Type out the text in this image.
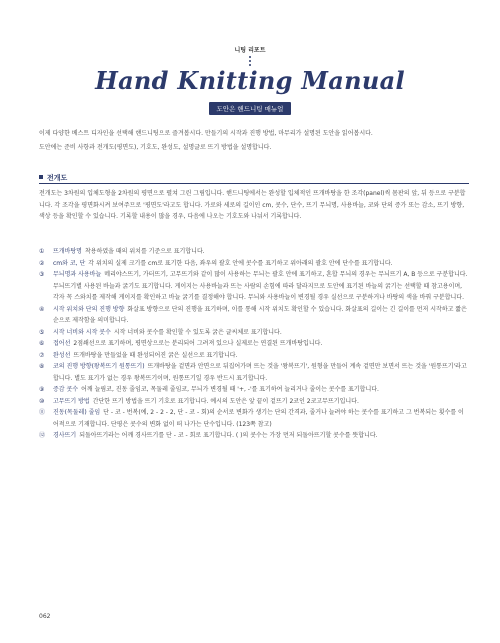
니팅 리포트
Hand Knitting Manual
도안은 핸드니팅 매뉴얼

이제 다양한 베스트 디자인을 선택해 핸드니팅으로 즐겨봅시다. 만들기의 시작과 진행 방법, 마무리가 설명된 도안을 읽어봅시다.

도안에는 준비 사항과 전개도(평면도), 기호도, 완성도, 설명글로 뜨기 방법을 설명합니다.

전개도

전개도는 3차원의 입체도형을 2차원의 평면으로 펼쳐 그린 그림입니다. 핸드니팅에서는 완성할 입체적인 뜨개바탕을 한 조각(panel)씩 몸판의 앞, 뒤 등으로 구분합니다. 각 조각을 평면화시켜 보여주므로 '평면도'라고도 합니다. 가로와 세로의 길이인 cm, 콧수, 단수, 뜨기 무늬명, 사용바늘, 코와 단의 증가 또는 감소, 뜨기 방향, 색상 등을 확인할 수 있습니다. 기록할 내용이 많을 경우, 다음에 나오는 기호도와 나눠서 기록합니다.

① 뜨개바탕명 착용하였을 때의 위치를 기준으로 표기합니다.
② cm와 코, 단 각 위치의 실제 크기를 cm로 표기한 다음, 좌우의 괄호 안에 콧수를 표기하고 위아래의 괄호 안에 단수를 표기합니다.
③ 무늬명과 사용바늘 메리야스뜨기, 가터뜨기, 고무뜨기와 같이 많이 사용하는 무늬는 괄호 안에 표기하고, 혼합 무늬의 경우는 무늬뜨기 A, B 등으로 구분합니다. 무늬뜨기별 사용된 바늘과 굵기도 표기합니다. 게이지는 사용바늘과 뜨는 사람의 손힘에 따라 달라지므로 도안에 표기된 바늘의 굵기는 선택할 때 참고용이며, 각자 꼭 스와치를 제작해 게이지를 확인하고 바늘 굵기를 결정해야 합니다. 무늬와 사용바늘이 변경될 경우 실선으로 구분하거나 바탕의 색을 바꿔 구분합니다.
④ 시작 위치와 단의 진행 방향 화살표 방향으로 단의 진행을 표기하며, 이를 통해 시작 위치도 확인할 수 있습니다. 화살표의 길이는 긴 길이를 먼저 시작하고 짧은 순으로 제작함을 의미합니다.
⑤ 시작 너비와 시작 콧수 시작 너비와 콧수를 확인할 수 있도록 굵은 글씨체로 표기합니다.
⑥ 접어선 2점쇄선으로 표기하며, 평면상으로는 분리되어 그려져 있으나 실제로는 연결된 뜨개바탕입니다.
⑦ 완성선 뜨개바탕을 만들었을 때 완성되어진 굵은 실선으로 표기합니다.
⑧ 코의 진행 방향(왕복뜨기 원통뜨기) 뜨개바탕을 겉면과 안면으로 뒤집어가며 뜨는 것을 '왕복뜨기', 원형을 만들어 계속 겉면만 보면서 뜨는 것을 '원통뜨기'라고 합니다. 별도 표기가 없는 경우 왕복뜨기이며, 원통뜨기일 경우 반드시 표기합니다.
⑨ 증감 콧수 어깨 늘림코, 진동 줄임코, 목둘레 줄임코, 무늬가 변경될 때 '+, -'를 표기하여 늘리거나 줄이는 콧수를 표기합니다.
⑩ 고무뜨기 방법 간단한 뜨기 방법을 뜨기 기호로 표기합니다. 예시의 도안은 앞 끝이 겉뜨기 2코인 2코고무뜨기입니다.
⑪ 진동(목둘레) 줄임 단 - 코 - 번복(예, 2 - 2 - 2, 단 - 코 - 회)의 순서로 변화가 생기는 단의 간격과, 줄거나 늘려야 하는 콧수를 표기하고 그 번복되는 횟수를 이어적으로 기재합니다. 단평은 콧수의 변화 없이 떠 나가는 단수입니다. (123쪽 참고)
⑫ 경사뜨기 되돌아뜨기라는 어깨 경사뜨기를 단 - 코 - 회로 표기합니다. ( )의 콧수는 가장 먼저 되돌아뜨기할 콧수를 뜻합니다.
062
